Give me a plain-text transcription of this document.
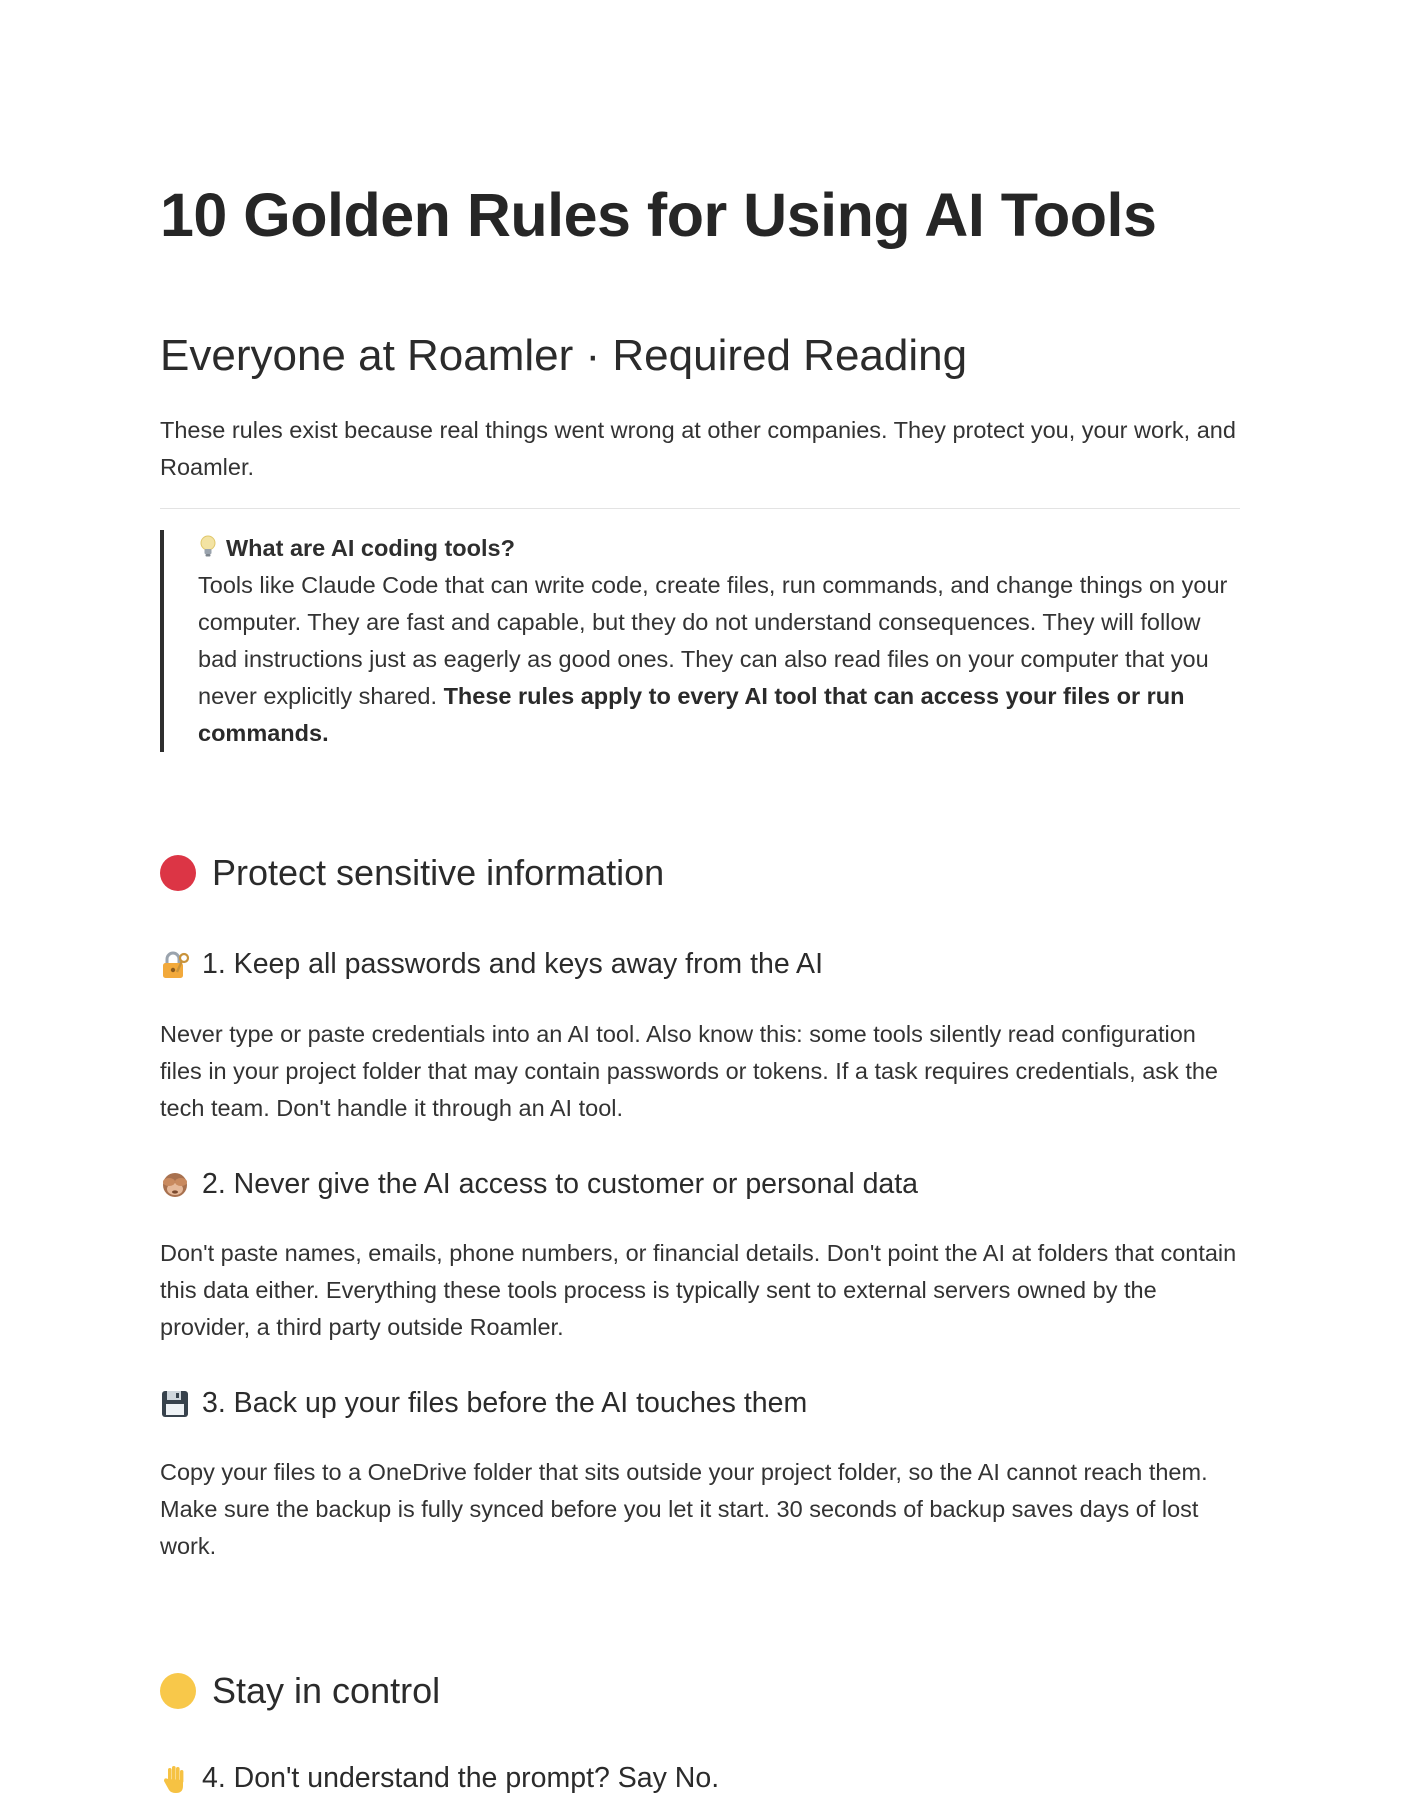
10 Golden Rules for Using AI Tools
Everyone at Roamler · Required Reading

These rules exist because real things went wrong at other companies. They protect you, your work, and Roamler.

What are AI coding tools?
Tools like Claude Code that can write code, create files, run commands, and change things on your computer. They are fast and capable, but they do not understand consequences. They will follow bad instructions just as eagerly as good ones. They can also read files on your computer that you never explicitly shared. These rules apply to every AI tool that can access your files or run commands.
Protect sensitive information
1. Keep all passwords and keys away from the AI

Never type or paste credentials into an AI tool. Also know this: some tools silently read configuration files in your project folder that may contain passwords or tokens. If a task requires credentials, ask the tech team. Don't handle it through an AI tool.

2. Never give the AI access to customer or personal data

Don't paste names, emails, phone numbers, or financial details. Don't point the AI at folders that contain this data either. Everything these tools process is typically sent to external servers owned by the provider, a third party outside Roamler.

3. Back up your files before the AI touches them

Copy your files to a OneDrive folder that sits outside your project folder, so the AI cannot reach them. Make sure the backup is fully synced before you let it start. 30 seconds of backup saves days of lost work.

Stay in control
4. Don't understand the prompt? Say No.
